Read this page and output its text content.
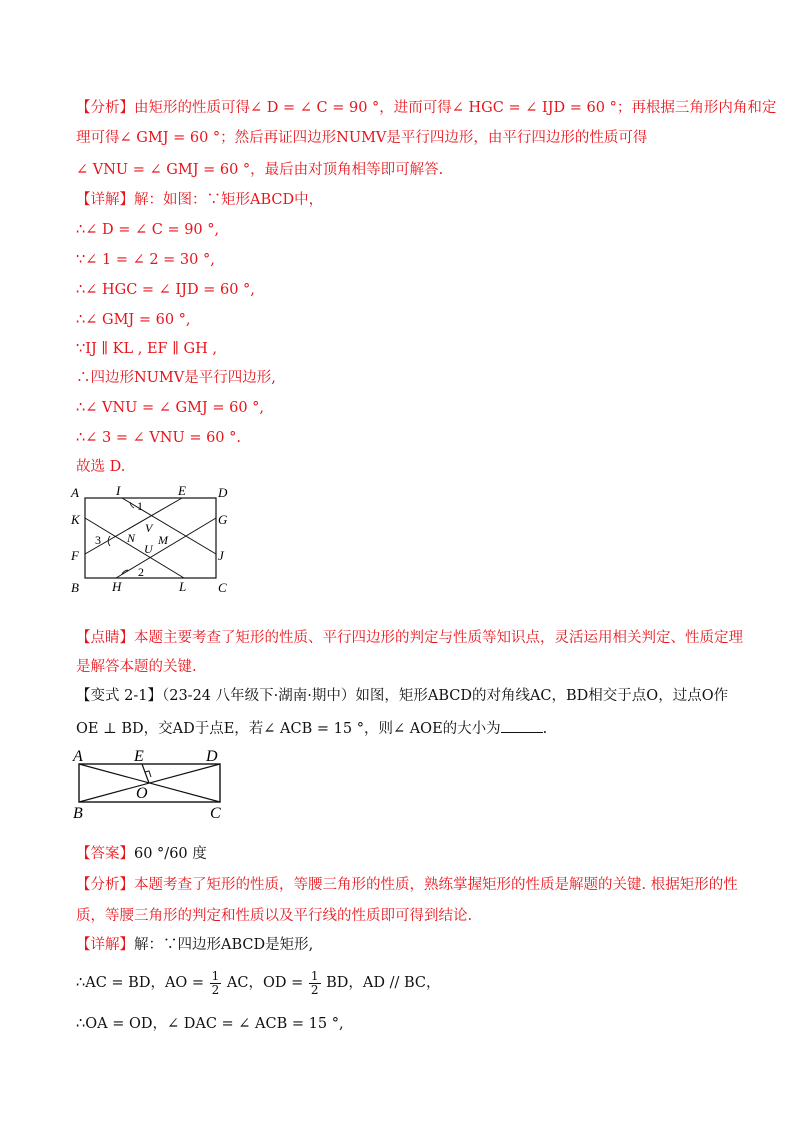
【分析】由矩形的性质可得∠ D = ∠ C = 90 °，进而可得∠ HGC = ∠ IJD = 60 °；再根据三角形内角和定
理可得∠ GMJ = 60 °；然后再证四边形NUMV是平行四边形，由平行四边形的性质可得
∠ VNU = ∠ GMJ = 60 °，最后由对顶角相等即可解答.
【详解】解：如图：∵矩形ABCD中，
∴∠ D = ∠ C = 90 °,
∵∠ 1 = ∠ 2 = 30 °,
∴∠ HGC = ∠ IJD = 60 °,
∴∠ GMJ = 60 °,
∵IJ ∥ KL , EF ∥ GH ,
∴四边形NUMV是平行四边形,
∴∠ VNU = ∠ GMJ = 60 °,
∴∠ 3 = ∠ VNU = 60 °.
故选 D.
A	I	E D
K	G
F	J
B	H	L C
1
2
3
V
N M
U
【点睛】本题主要考查了矩形的性质、平行四边形的判定与性质等知识点，灵活运用相关判定、性质定理
是解答本题的关键.
【变式 2-1】（23-24 八年级下·湖南·期中）如图，矩形ABCD的对角线AC，BD相交于点O，过点O作
OE ⊥ BD，交AD于点E，若∠ ACB = 15 °，则∠ AOE的大小为	.
A	E	D
O
B	C
【答案】60 °/60 度
【分析】本题考查了矩形的性质，等腰三角形的性质，熟练掌握矩形的性质是解题的关键. 根据矩形的性
质，等腰三角形的判定和性质以及平行线的性质即可得到结论.
【详解】解：∵四边形ABCD是矩形,
∴AC = BD，AO = $\frac{1}{2}$ AC，OD = $\frac{1}{2}$ BD，AD // BC，
∴OA = OD，∠ DAC = ∠ ACB = 15 °,
